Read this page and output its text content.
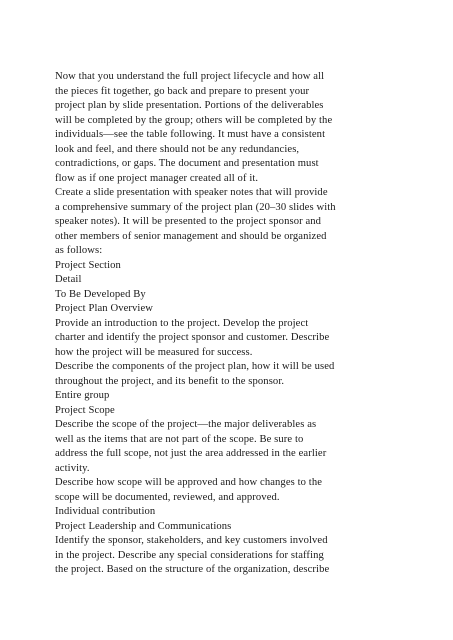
Now that you understand the full project lifecycle and how all
the pieces fit together, go back and prepare to present your
project plan by slide presentation. Portions of the deliverables
will be completed by the group; others will be completed by the
individuals—see the table following. It must have a consistent
look and feel, and there should not be any redundancies,
contradictions, or gaps. The document and presentation must
flow as if one project manager created all of it.
Create a slide presentation with speaker notes that will provide
a comprehensive summary of the project plan (20–30 slides with
speaker notes). It will be presented to the project sponsor and
other members of senior management and should be organized
as follows:
Project Section
Detail
To Be Developed By
Project Plan Overview
Provide an introduction to the project. Develop the project
charter and identify the project sponsor and customer. Describe
how the project will be measured for success.
Describe the components of the project plan, how it will be used
throughout the project, and its benefit to the sponsor.
Entire group
Project Scope
Describe the scope of the project—the major deliverables as
well as the items that are not part of the scope. Be sure to
address the full scope, not just the area addressed in the earlier
activity.
Describe how scope will be approved and how changes to the
scope will be documented, reviewed, and approved.
Individual contribution
Project Leadership and Communications
Identify the sponsor, stakeholders, and key customers involved
in the project. Describe any special considerations for staffing
the project. Based on the structure of the organization, describe
